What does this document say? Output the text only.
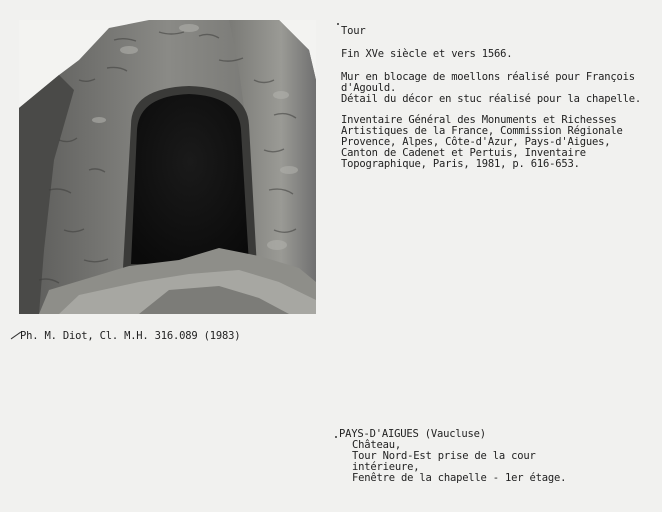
Tour
Fin XVe siècle et vers 1566.
Mur en blocage de moellons réalisé pour François
d'Agould.
Détail du décor en stuc réalisé pour la chapelle.
Inventaire Général des Monuments et Richesses
Artistiques de la France, Commission Régionale
Provence, Alpes, Côte-d'Azur, Pays-d'Aigues,
Canton de Cadenet et Pertuis, Inventaire
Topographique, Paris, 1981, p. 616-653.
Ph. M. Diot, Cl. M.H. 316.089 (1983)
PAYS-D'AIGUES (Vaucluse)
Château,
Tour Nord-Est prise de la cour
intérieure,
Fenêtre de la chapelle - 1er étage.
